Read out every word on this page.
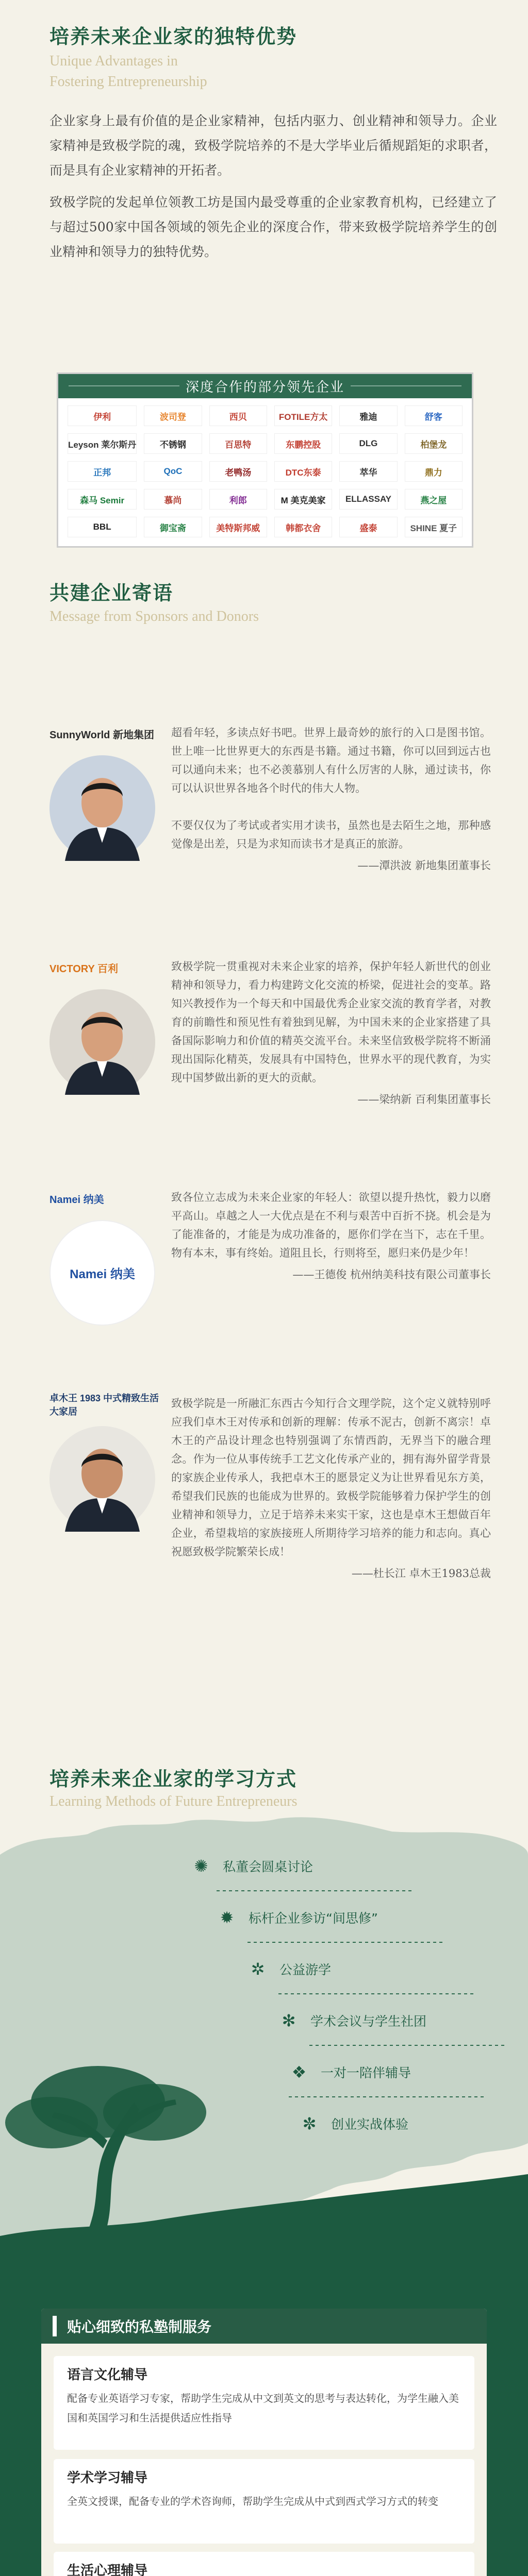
培养未来企业家的独特优势
Unique Advantages in
Fostering Entrepreneurship

企业家身上最有价值的是企业家精神，包括内驱力、创业精神和领导力。企业家精神是致极学院的魂，致极学院培养的不是大学毕业后循规蹈矩的求职者，而是具有企业家精神的开拓者。

致极学院的发起单位领教工坊是国内最受尊重的企业家教育机构，已经建立了与超过500家中国各领域的领先企业的深度合作，带来致极学院培养学生的创业精神和领导力的独特优势。

深度合作的部分领先企业
伊利	波司登	西贝	FOTILE方太	雅迪	舒客
Leyson 莱尔斯丹	不锈钢	百思特	东鹏控股	DLG	柏堡龙
正邦	QoC	老鸭汤	DTC东泰	萃华	鼎力
森马 Semir	慕尚	利郎	M 美克美家	ELLASSAY	燕之屋
BBL	御宝斋	美特斯邦威	韩都衣舍	盛泰	SHINE 夏子
共建企业寄语
Message from Sponsors and Donors
SunnyWorld 新地集团 超看年轻，多读点好书吧。世界上最奇妙的旅行的入口是图书馆。世上唯一比世界更大的东西是书籍。通过书籍，你可以回到远古也可以通向未来；也不必羡慕别人有什么厉害的人脉，通过读书，你可以认识世界各地各个时代的伟大人物。

不要仅仅为了考试或者实用才读书，虽然也是去陌生之地，那种感觉像是出差，只是为求知而读书才是真正的旅游。

——潭洪波 新地集团董事长
VICTORY 百利	致极学院一贯重视对未来企业家的培养，保护年轻人新世代的创业精神和领导力，看力构建跨文化交流的桥梁，促进社会的变革。路知兴教授作为一个每天和中国最优秀企业家交流的教育学者，对教育的前瞻性和预见性有着独到见解，为中国未来的企业家搭建了具备国际影响力和价值的精英交流平台。未来坚信致极学院将不断涌现出国际化精英，发展具有中国特色，世界水平的现代教育，为实现中国梦做出新的更大的贡献。

——梁纳新 百利集团董事长
Namei 纳美
Namei 纳美

致各位立志成为未来企业家的年轻人：欲望以提升热忱，毅力以磨平高山。卓越之人一大优点是在不利与艰苦中百折不挠。机会是为了能准备的，才能是为成功准备的，愿你们学在当下，志在千里。物有本末，事有终始。道阻且长，行则将至，愿归来仍是少年！

——王德俊 杭州纳美科技有限公司董事长
卓木王 1983 中式精致生活大家居

致极学院是一所融汇东西古今知行合文理学院，这个定义就特别呼应我们卓木王对传承和创新的理解：传承不泥古，创新不离宗！卓木王的产品设计理念也特别强调了东情西韵，无界当下的融合理念。作为一位从事传统手工艺文化传承产业的，拥有海外留学背景的家族企业传承人，我把卓木王的愿景定义为让世界看见东方美，希望我们民族的也能成为世界的。致极学院能够着力保护学生的创业精神和领导力，立足于培养未来实干家，这也是卓木王想做百年企业，希望栽培的家族接班人所期待学习培养的能力和志向。真心祝愿致极学院繁荣长成！

——杜长江 卓木王1983总裁
培养未来企业家的学习方式
Learning Methods of Future Entrepreneurs
✺ 私董会圆桌讨论
✹ 标杆企业参访“间思修”
✲ 公益游学
✻ 学术会议与学生社团
❖ 一对一陪伴辅导
✼ 创业实战体验
贴心细致的私塾制服务
语言文化辅导

配备专业英语学习专家，帮助学生完成从中文到英文的思考与表达转化，为学生融入美国和英国学习和生活提供适应性指导

学术学习辅导

全英文授课，配备专业的学术咨询师，帮助学生完成从中式到西式学习方式的转变

生活心理辅导
